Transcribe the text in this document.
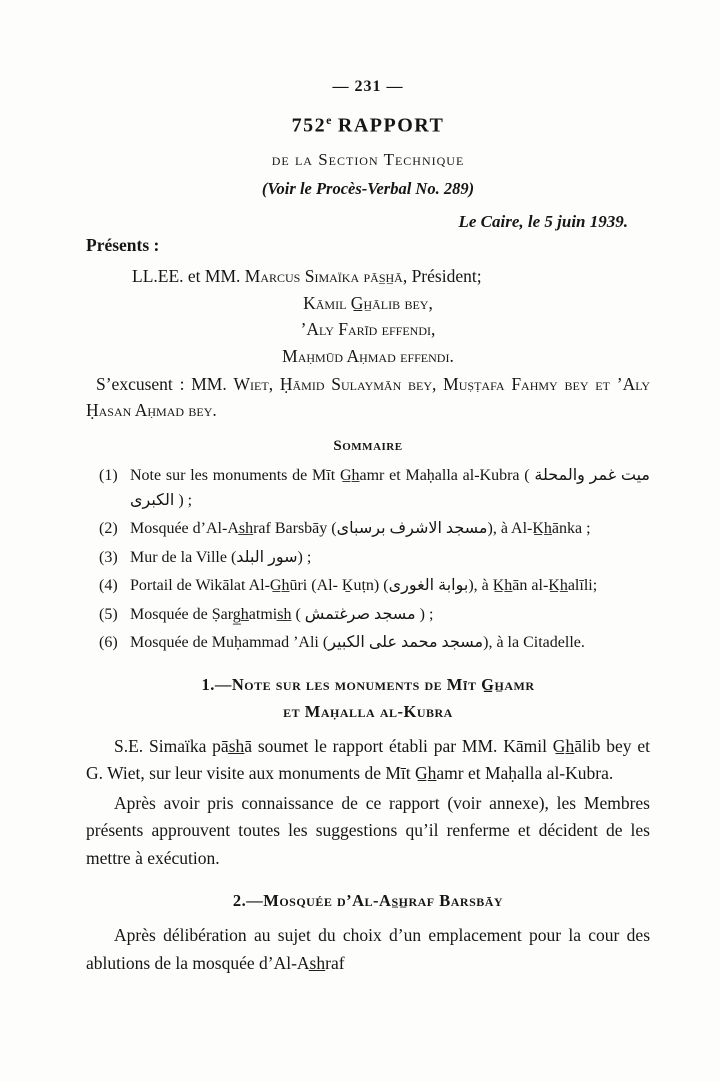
— 231 —
752e RAPPORT
de la Section Technique
(Voir le Procès-Verbal No. 289)
Le Caire, le 5 juin 1939.
Présents :
LL.EE. et MM. Marcus Simaïka pās̲h̲ā, Président;
Kāmil G̲h̲ālib bey,
’Aly Farīd effendi,
Maḥmūd Aḥmad effendi.
S’excusent : MM. Wiet, Ḥāmid Sulaymān bey, Muṣṭafa Fahmy bey et ’Aly Ḥasan Aḥmad bey.
Sommaire
(1) Note sur les monuments de Mīt G̲h̲amr et Maḥalla al-Kubra ( ميت غمر والمحلة الكبرى ) ;
(2) Mosquée d’Al-As̲h̲raf Barsbāy (مسجد الاشرف برسباى), à Al-K̲h̲ānka ;
(3) Mur de la Ville (سور البلد) ;
(4) Portail de Wikālat Al-G̲h̲ūri (Al- Ḵuṭn) (بوابة الغورى), à K̲h̲ān al-K̲h̲alīli;
(5) Mosquée de Ṣarg̲h̲atmis̲h̲ ( مسجد صرغتمش ) ;
(6) Mosquée de Muḥammad ’Ali (مسجد محمد على الكبير), à la Citadelle.
1.—Note sur les monuments de Mīt G̲h̲amr
et Maḥalla al-Kubra

S.E. Simaïka pās̲h̲ā soumet le rapport établi par MM. Kāmil G̲h̲ālib bey et G. Wiet, sur leur visite aux monuments de Mīt G̲h̲amr et Maḥalla al-Kubra.

Après avoir pris connaissance de ce rapport (voir annexe), les Membres présents approuvent toutes les suggestions qu’il renferme et décident de les mettre à exécution.

2.—Mosquée d’Al-As̲h̲raf Barsbāy

Après délibération au sujet du choix d’un emplacement pour la cour des ablutions de la mosquée d’Al-As̲h̲raf
